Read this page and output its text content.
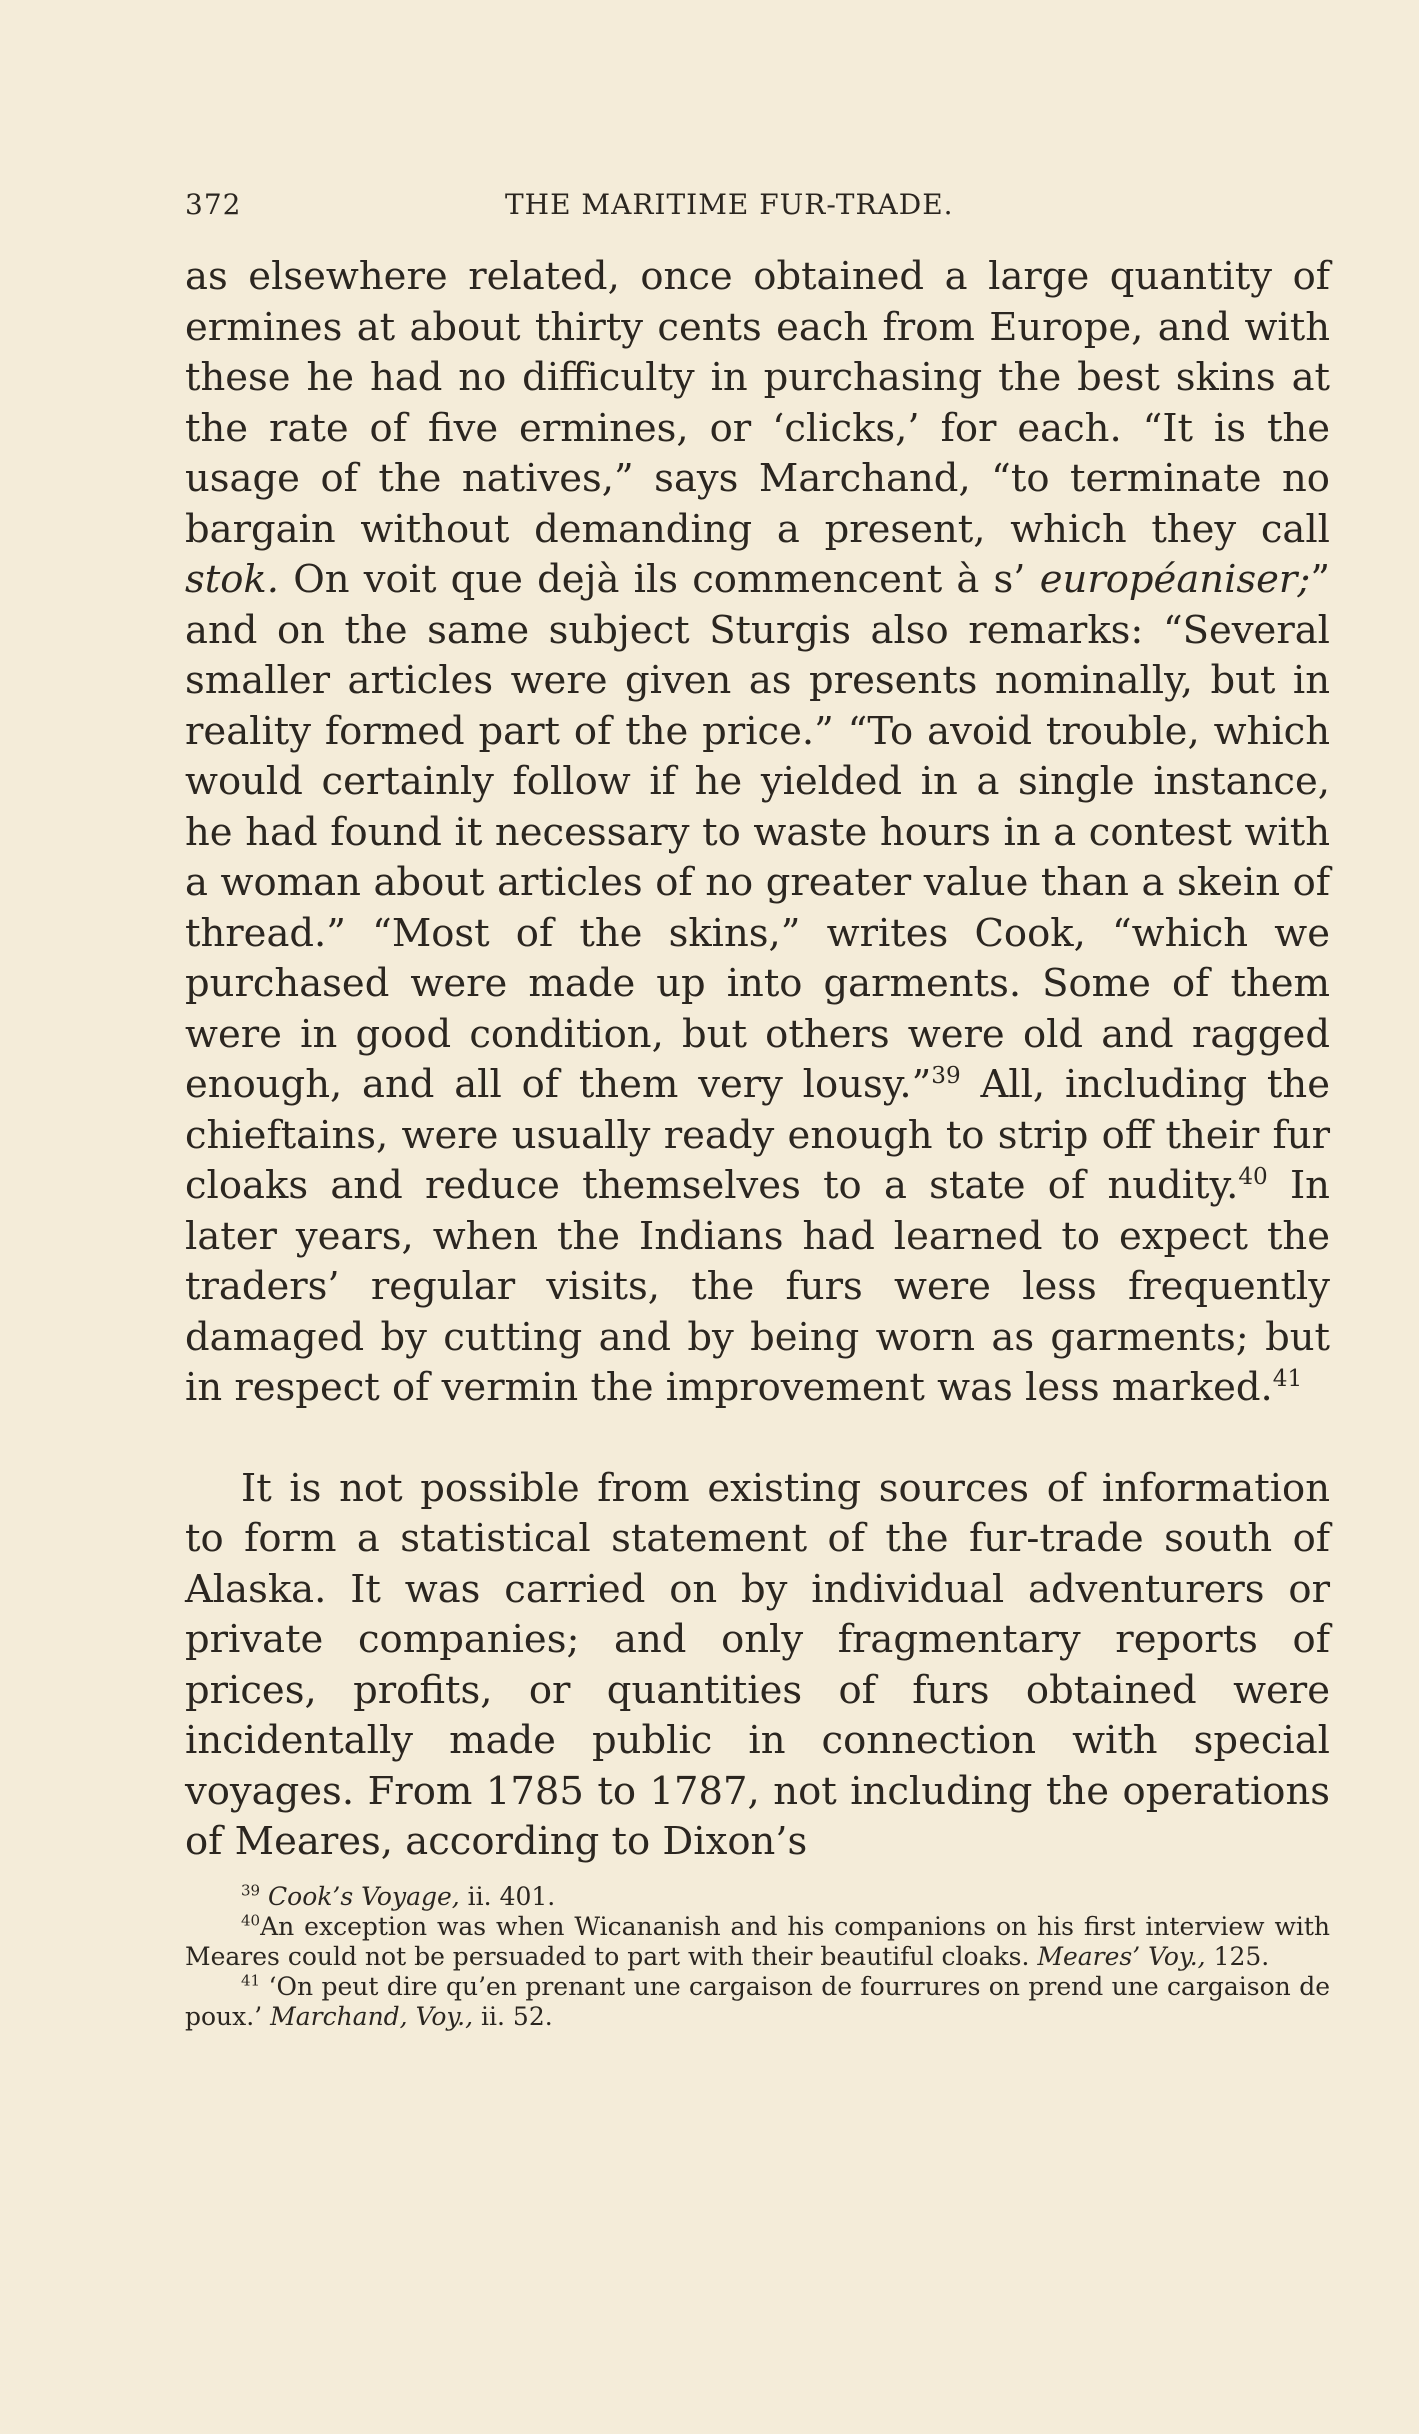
372	THE MARITIME FUR-TRADE.

as elsewhere related, once obtained a large quantity of ermines at about thirty cents each from Europe, and with these he had no difficulty in purchasing the best skins at the rate of five ermines, or ‘clicks,’ for each. “It is the usage of the natives,” says Marchand, “to terminate no bargain without demanding a present, which they call stok. On voit que dejà ils commencent à s’ européaniser;” and on the same subject Sturgis also remarks: “Several smaller articles were given as presents nominally, but in reality formed part of the price.” “To avoid trouble, which would certainly follow if he yielded in a single instance, he had found it necessary to waste hours in a contest with a woman about articles of no greater value than a skein of thread.” “Most of the skins,” writes Cook, “which we purchased were made up into garments. Some of them were in good condition, but others were old and ragged enough, and all of them very lousy.”$^{39}$ All, including the chieftains, were usually ready enough to strip off their fur cloaks and reduce themselves to a state of nudity.$^{40}$ In later years, when the Indians had learned to expect the traders’ regular visits, the furs were less frequently damaged by cutting and by being worn as garments; but in respect of vermin the improvement was less marked.$^{41}$

It is not possible from existing sources of information to form a statistical statement of the fur-trade south of Alaska. It was carried on by individual adventurers or private companies; and only fragmentary reports of prices, profits, or quantities of furs obtained were incidentally made public in connection with special voyages. From 1785 to 1787, not including the operations of Meares, according to Dixon’s

$^{39}$ Cook’s Voyage, ii. 401.

$^{40}$An exception was when Wicananish and his companions on his first interview with Meares could not be persuaded to part with their beautiful cloaks. Meares’ Voy., 125.

$^{41}$ ‘On peut dire qu’en prenant une cargaison de fourrures on prend une cargaison de poux.’ Marchand, Voy., ii. 52.
